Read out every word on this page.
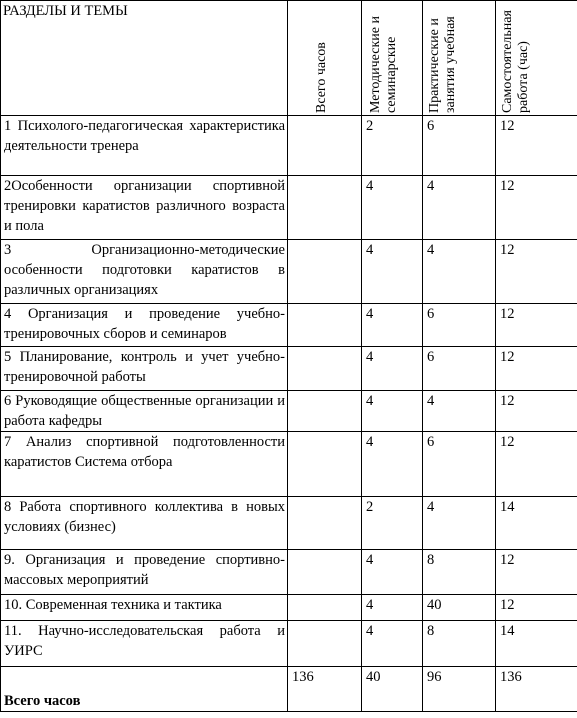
РАЗДЕЛЫ И ТЕМЫ	Всего часов	Методические и семинарские	Практические и занятия учебная	Самостоятельная работа (час)

1 Психолого-педагогическая характеристика деятельности тренера		2	6	12
2Особенности организации спортивной тренировки каратистов различного возраста и пола		4	4	12
3 Организационно-методические особенности подготовки каратистов в различных организациях		4	4	12
4 Организация и проведение учебно-тренировочных сборов и семинаров		4	6	12
5 Планирование, контроль и учет учебно-тренировочной работы		4	6	12
6 Руководящие общественные организации и работа кафедры		4	4	12
7 Анализ спортивной подготовленности каратистов Система отбора		4	6	12
8 Работа спортивного коллектива в новых условиях (бизнес)		2	4	14
9. Организация и проведение спортивно-массовых мероприятий		4	8	12
10. Современная техника и тактика		4	40	12
11. Научно-исследовательская работа и УИРС		4	8	14
Всего часов	136	40	96	136
